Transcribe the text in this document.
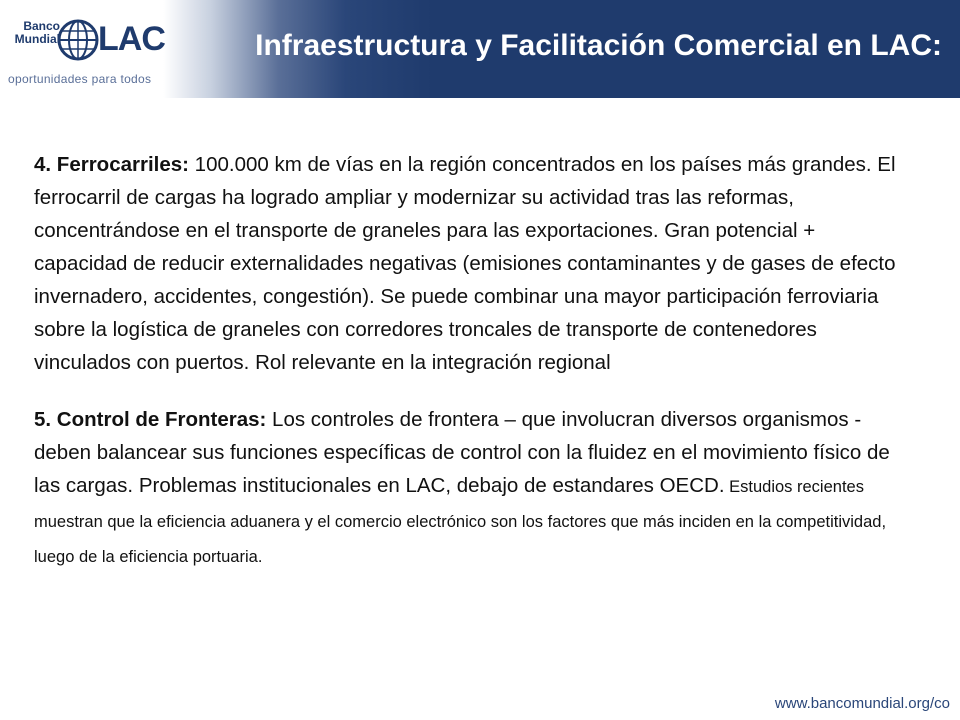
Banco
Mundial LAC
oportunidades para todos
Infraestructura y Facilitación Comercial en LAC:

4. Ferrocarriles: 100.000 km de vías en la región concentrados en los países más grandes. El ferrocarril de cargas ha logrado ampliar y modernizar su actividad tras las reformas, concentrándose en el transporte de graneles para las exportaciones. Gran potencial + capacidad de reducir externalidades negativas (emisiones contaminantes y de gases de efecto invernadero, accidentes, congestión). Se puede combinar una mayor participación ferroviaria sobre la logística de graneles con corredores troncales de transporte de contenedores vinculados con puertos. Rol relevante en la integración regional

5. Control de Fronteras: Los controles de frontera – que involucran diversos organismos - deben balancear sus funciones específicas de control con la fluidez en el movimiento físico de las cargas. Problemas institucionales en LAC, debajo de estandares OECD. Estudios recientes muestran que la eficiencia aduanera y el comercio electrónico son los factores que más inciden en la competitividad, luego de la eficiencia portuaria.

www.bancomundial.org/co
